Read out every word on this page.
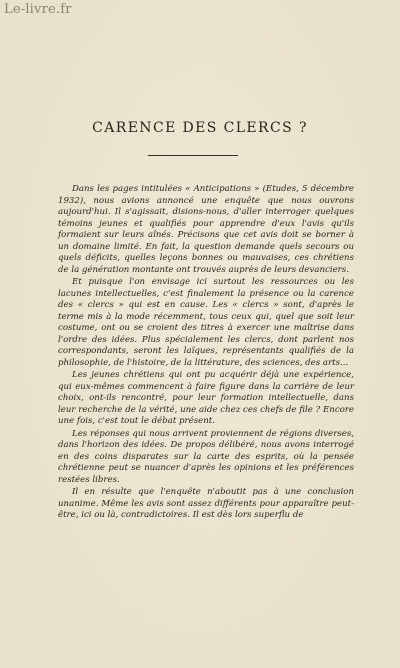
Le-livre.fr
CARENCE DES CLERCS ?

Dans les pages intitulées « Anticipations » (Etudes, 5 décembre 1932), nous avions annoncé une enquête que nous ouvrons aujourd'hui. Il s'agissait, disions-nous, d'aller interroger quelques témoins jeunes et qualifiés pour apprendre d'eux l'avis qu'ils formaient sur leurs aînés. Précisons que cet avis doit se borner à un domaine limité. En fait, la question demande quels secours ou quels déficits, quelles leçons bonnes ou mauvaises, ces chrétiens de la génération montante ont trouvés auprès de leurs devanciers.

Et puisque l'on envisage ici surtout les ressources ou les lacunes intellectuelles, c'est finalement la présence ou la carence des « clercs » qui est en cause. Les « clercs » sont, d'après le terme mis à la mode récemment, tous ceux qui, quel que soit leur costume, ont ou se croient des titres à exercer une maîtrise dans l'ordre des idées. Plus spécialement les clercs, dont parlent nos correspondants, seront les laïques, représentants qualifiés de la philosophie, de l'histoire, de la littérature, des sciences, des arts...

Les jeunes chrétiens qui ont pu acquérir déjà une expérience, qui eux-mêmes commencent à faire figure dans la carrière de leur choix, ont-ils rencontré, pour leur formation intellectuelle, dans leur recherche de la vérité, une aide chez ces chefs de file ? Encore une fois, c'est tout le débat présent.

Les réponses qui nous arrivent proviennent de régions diverses, dans l'horizon des idées. De propos délibéré, nous avons interrogé en des coins disparates sur la carte des esprits, où la pensée chrétienne peut se nuancer d'après les opinions et les préférences restées libres.

Il en résulte que l'enquête n'aboutit pas à une conclusion unanime. Même les avis sont assez différents pour apparaître peut-être, ici ou là, contradictoires. Il est dès lors superflu de
